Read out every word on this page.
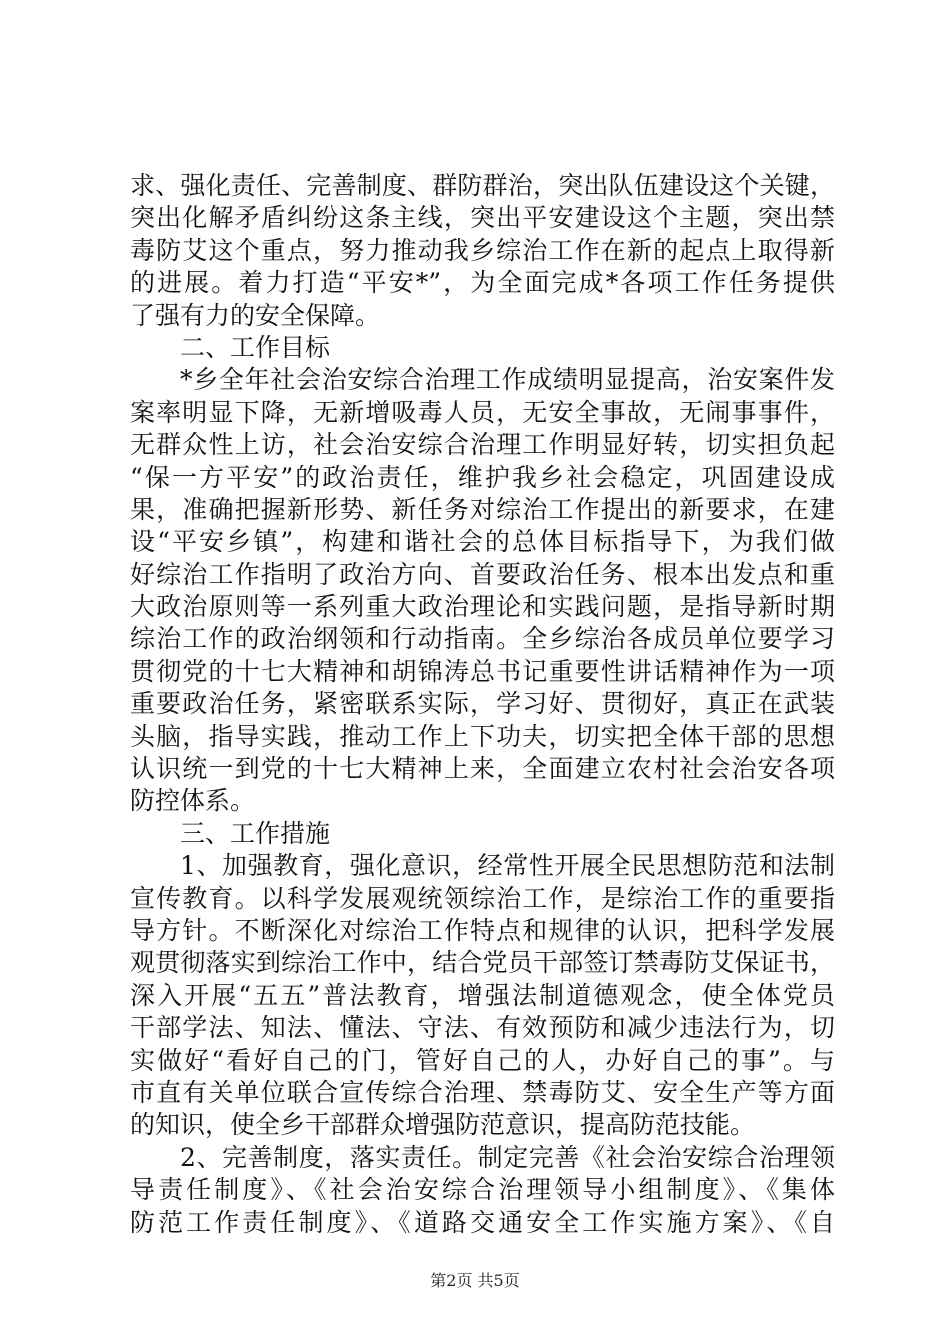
求、强化责任、完善制度、群防群治，突出队伍建设这个关键，
突出化解矛盾纠纷这条主线，突出平安建设这个主题，突出禁
毒防艾这个重点，努力推动我乡综治工作在新的起点上取得新
的进展。着力打造“平安*”，为全面完成*各项工作任务提供
了强有力的安全保障。
二、工作目标
*乡全年社会治安综合治理工作成绩明显提高，治安案件发
案率明显下降，无新增吸毒人员，无安全事故，无闹事事件，
无群众性上访，社会治安综合治理工作明显好转，切实担负起
“保一方平安”的政治责任，维护我乡社会稳定，巩固建设成
果，准确把握新形势、新任务对综治工作提出的新要求，在建
设“平安乡镇”，构建和谐社会的总体目标指导下，为我们做
好综治工作指明了政治方向、首要政治任务、根本出发点和重
大政治原则等一系列重大政治理论和实践问题，是指导新时期
综治工作的政治纲领和行动指南。全乡综治各成员单位要学习
贯彻党的十七大精神和胡锦涛总书记重要性讲话精神作为一项
重要政治任务，紧密联系实际，学习好、贯彻好，真正在武装
头脑，指导实践，推动工作上下功夫，切实把全体干部的思想
认识统一到党的十七大精神上来，全面建立农村社会治安各项
防控体系。
三、工作措施
1、加强教育，强化意识，经常性开展全民思想防范和法制
宣传教育。以科学发展观统领综治工作，是综治工作的重要指
导方针。不断深化对综治工作特点和规律的认识，把科学发展
观贯彻落实到综治工作中，结合党员干部签订禁毒防艾保证书，
深入开展“五五”普法教育，增强法制道德观念，使全体党员
干部学法、知法、懂法、守法、有效预防和减少违法行为，切
实做好“看好自己的门，管好自己的人，办好自己的事”。与
市直有关单位联合宣传综合治理、禁毒防艾、安全生产等方面
的知识，使全乡干部群众增强防范意识，提高防范技能。
2、完善制度，落实责任。制定完善《社会治安综合治理领
导责任制度》、《社会治安综合治理领导小组制度》、《集体
防范工作责任制度》、《道路交通安全工作实施方案》、《自
第2页 共5页
